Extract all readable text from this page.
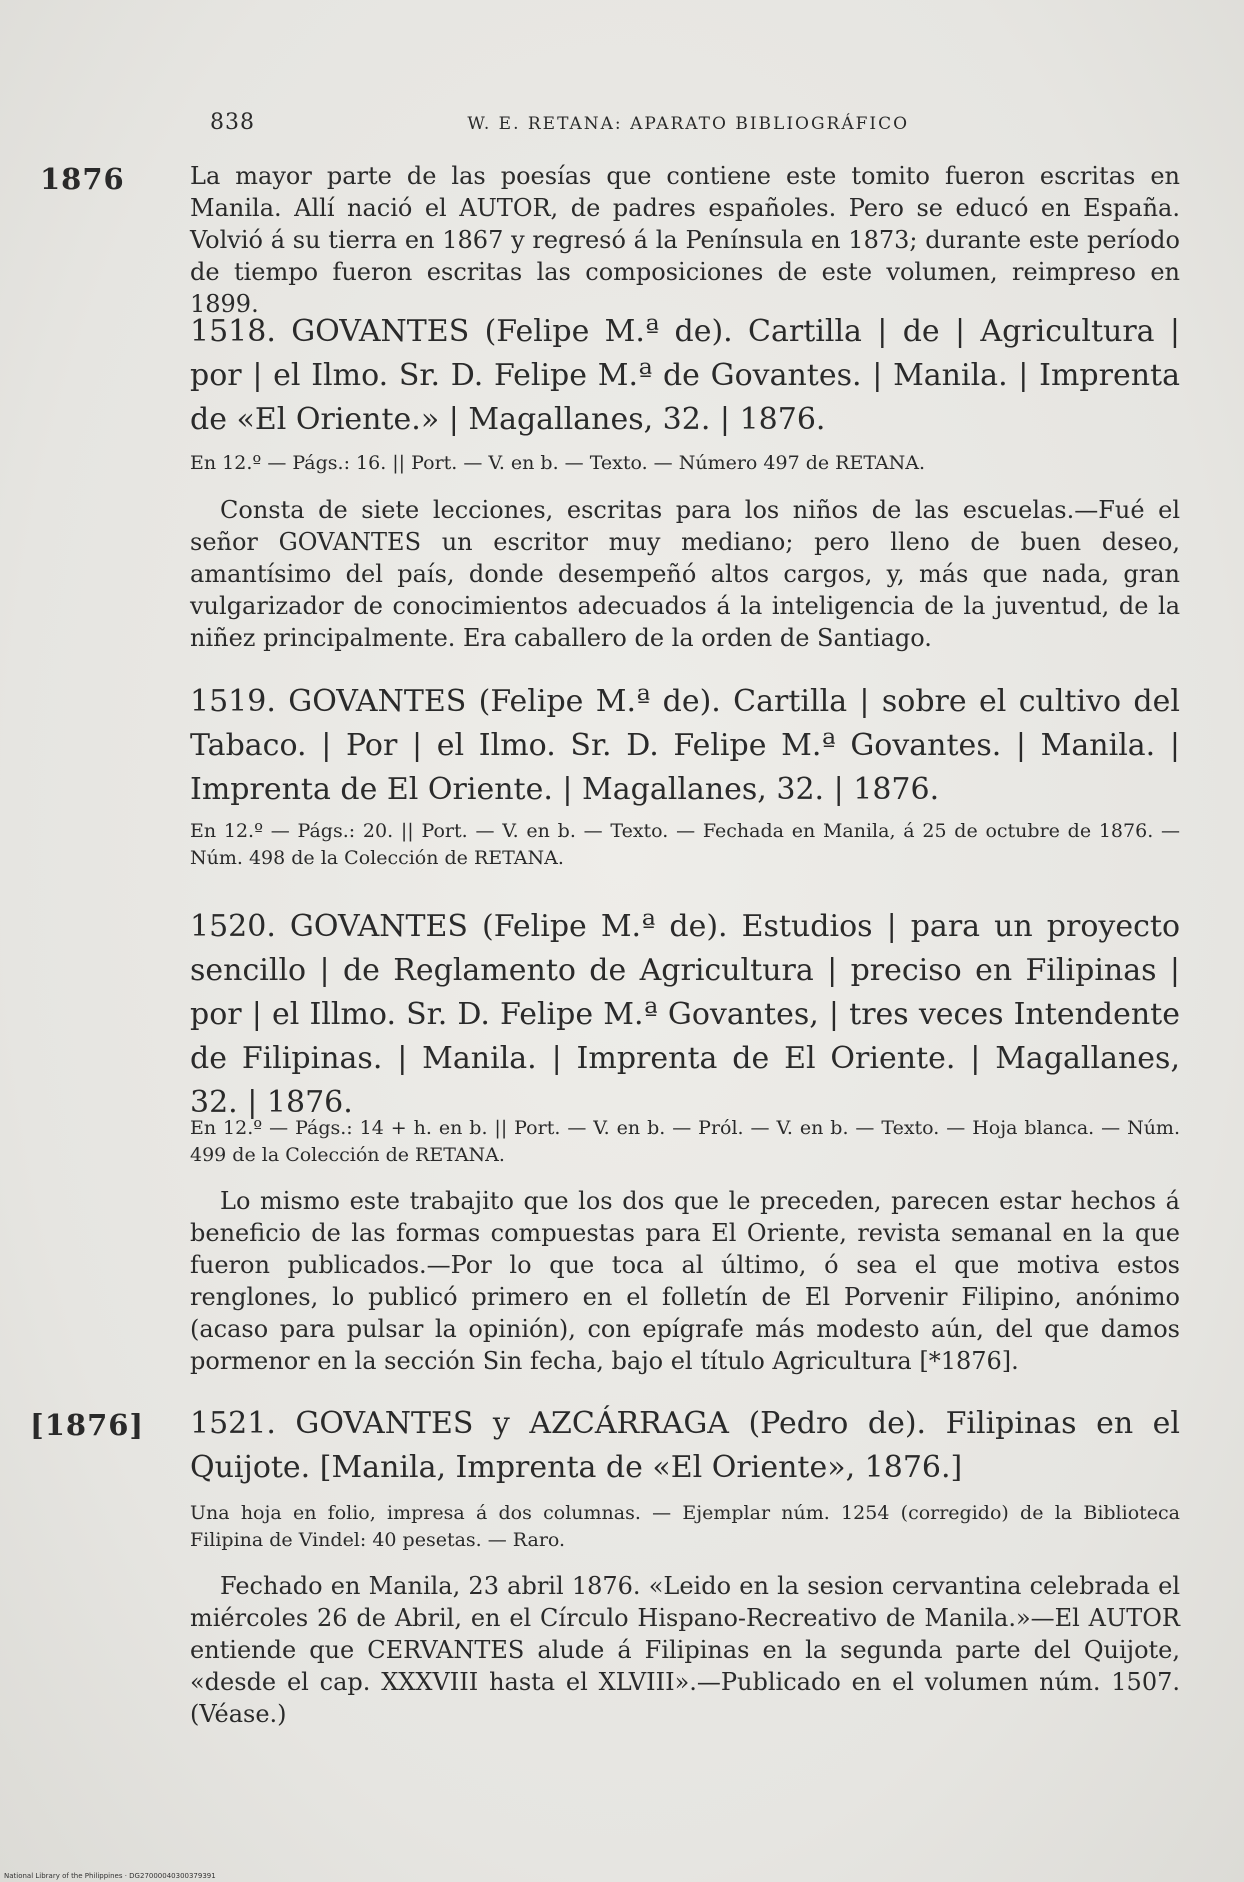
838	W. E. RETANA: APARATO BIBLIOGRÁFICO
1876	La mayor parte de las poesías que contiene este tomito fueron escritas en Manila. Allí nació el AUTOR, de padres españoles. Pero se educó en España. Volvió á su tierra en 1867 y regresó á la Península en 1873; durante este período de tiempo fueron escritas las composiciones de este volumen, reimpreso en 1899.
1518. GOVANTES (Felipe M.ª de). Cartilla | de | Agricultura | por | el Ilmo. Sr. D. Felipe M.ª de Govantes. | Manila. | Imprenta de «El Oriente.» | Magallanes, 32. | 1876.
En 12.º — Págs.: 16. || Port. — V. en b. — Texto. — Número 497 de RETANA.
Consta de siete lecciones, escritas para los niños de las escuelas.—Fué el señor GOVANTES un escritor muy mediano; pero lleno de buen deseo, amantísimo del país, donde desempeñó altos cargos, y, más que nada, gran vulgarizador de conocimientos adecuados á la inteligencia de la juventud, de la niñez principalmente. Era caballero de la orden de Santiago.
1519. GOVANTES (Felipe M.ª de). Cartilla | sobre el cultivo del Tabaco. | Por | el Ilmo. Sr. D. Felipe M.ª Govantes. | Manila. | Imprenta de El Oriente. | Magallanes, 32. | 1876.
En 12.º — Págs.: 20. || Port. — V. en b. — Texto. — Fechada en Manila, á 25 de octubre de 1876. — Núm. 498 de la Colección de RETANA.
1520. GOVANTES (Felipe M.ª de). Estudios | para un proyecto sencillo | de Reglamento de Agricultura | preciso en Filipinas | por | el Illmo. Sr. D. Felipe M.ª Govantes, | tres veces Intendente de Filipinas. | Manila. | Imprenta de El Oriente. | Magallanes, 32. | 1876.
En 12.º — Págs.: 14 + h. en b. || Port. — V. en b. — Pról. — V. en b. — Texto. — Hoja blanca. — Núm. 499 de la Colección de RETANA.
Lo mismo este trabajito que los dos que le preceden, parecen estar hechos á beneficio de las formas compuestas para El Oriente, revista semanal en la que fueron publicados.—Por lo que toca al último, ó sea el que motiva estos renglones, lo publicó primero en el folletín de El Porvenir Filipino, anónimo (acaso para pulsar la opinión), con epígrafe más modesto aún, del que damos pormenor en la sección Sin fecha, bajo el título Agricultura [*1876].
[1876] 1521. GOVANTES y AZCÁRRAGA (Pedro de). Filipinas en el Quijote. [Manila, Imprenta de «El Oriente», 1876.]
Una hoja en folio, impresa á dos columnas. — Ejemplar núm. 1254 (corregido) de la Biblioteca Filipina de Vindel: 40 pesetas. — Raro.
Fechado en Manila, 23 abril 1876. «Leido en la sesion cervantina celebrada el miércoles 26 de Abril, en el Círculo Hispano-Recreativo de Manila.»—El AUTOR entiende que CERVANTES alude á Filipinas en la segunda parte del Quijote, «desde el cap. XXXVIII hasta el XLVIII».—Publicado en el volumen núm. 1507. (Véase.)
National Library of the Philippines · DG27000040300379391
